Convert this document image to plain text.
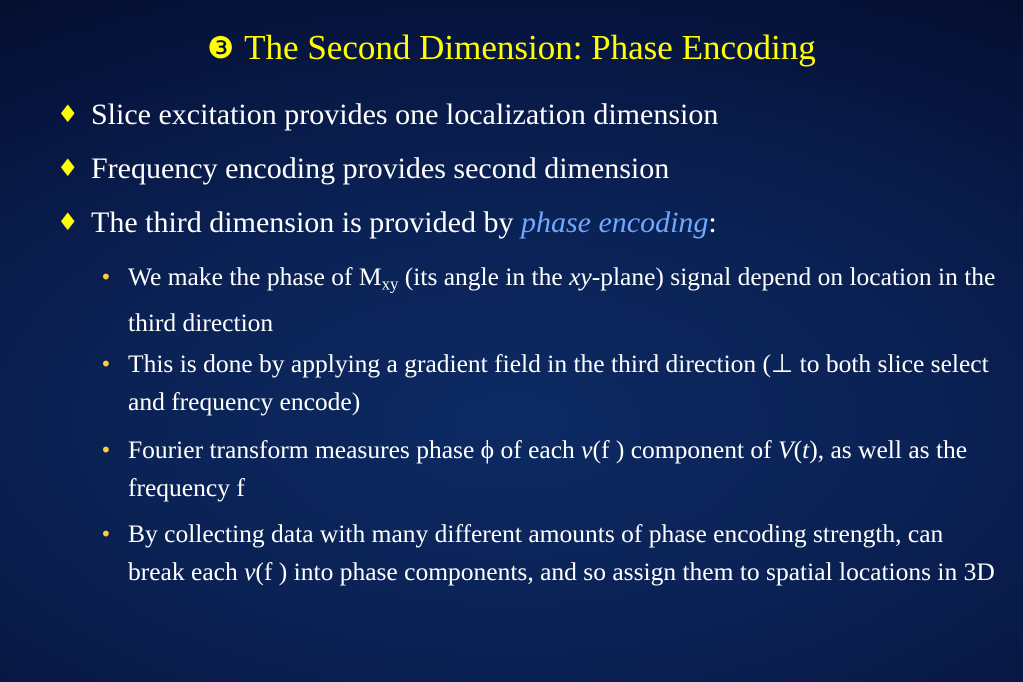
❸ The Second Dimension: Phase Encoding
♦ Slice excitation provides one localization dimension
♦ Frequency encoding provides second dimension
♦ The third dimension is provided by phase encoding:
• We make the phase of $M_{xy}$ (its angle in the xy-plane) signal depend on location in the third direction
• This is done by applying a gradient field in the third direction (⊥ to both slice select and frequency encode)
• Fourier transform measures phase ϕ of each v(f ) component of V(t), as well as the frequency f
• By collecting data with many different amounts of phase encoding strength, can break each v(f ) into phase components, and so assign them to spatial locations in 3D
